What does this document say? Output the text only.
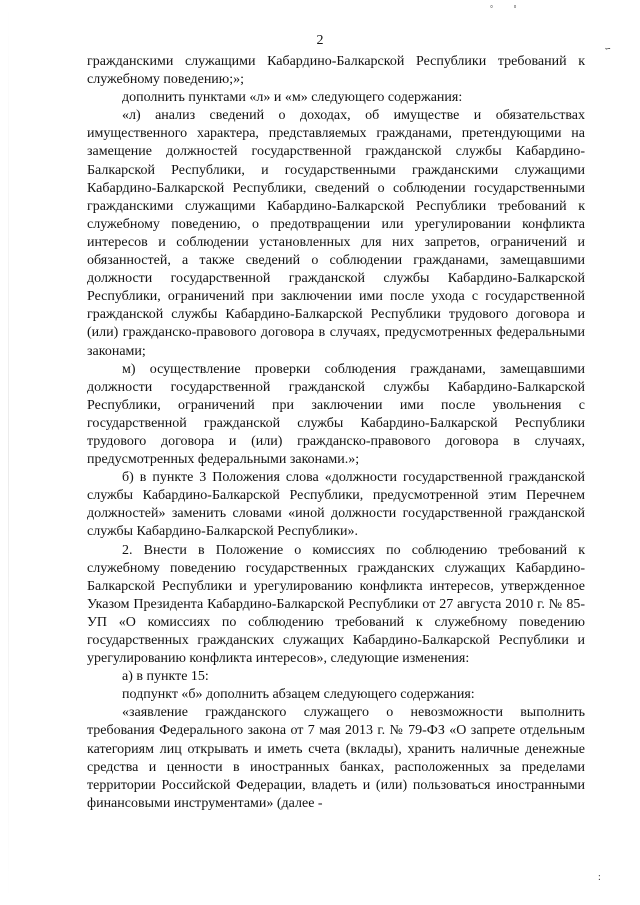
ﾟ ﾟ
ｰ
:
2

гражданскими служащими Кабардино-Балкарской Республики требований к служебному поведению;»;

дополнить пунктами «л» и «м» следующего содержания:

«л) анализ сведений о доходах, об имуществе и обязательствах имущественного характера, представляемых гражданами, претендующими на замещение должностей государственной гражданской службы Кабардино-Балкарской Республики, и государственными гражданскими служащими Кабардино-Балкарской Республики, сведений о соблюдении государственными гражданскими служащими Кабардино-Балкарской Республики требований к служебному поведению, о предотвращении или урегулировании конфликта интересов и соблюдении установленных для них запретов, ограничений и обязанностей, а также сведений о соблюдении гражданами, замещавшими должности государственной гражданской службы Кабардино-Балкарской Республики, ограничений при заключении ими после ухода с государственной гражданской службы Кабардино-Балкарской Республики трудового договора и (или) гражданско-правового договора в случаях, предусмотренных федеральными законами;

м) осуществление проверки соблюдения гражданами, замещавшими должности государственной гражданской службы Кабардино-Балкарской Республики, ограничений при заключении ими после увольнения с государственной гражданской службы Кабардино-Балкарской Республики трудового договора и (или) гражданско-правового договора в случаях, предусмотренных федеральными законами.»;

б) в пункте 3 Положения слова «должности государственной гражданской службы Кабардино-Балкарской Республики, предусмотренной этим Перечнем должностей» заменить словами «иной должности государственной гражданской службы Кабардино-Балкарской Республики».

2. Внести в Положение о комиссиях по соблюдению требований к служебному поведению государственных гражданских служащих Кабардино-Балкарской Республики и урегулированию конфликта интересов, утвержденное Указом Президента Кабардино-Балкарской Республики от 27 августа 2010 г. № 85-УП «О комиссиях по соблюдению требований к служебному поведению государственных гражданских служащих Кабардино-Балкарской Республики и урегулированию конфликта интересов», следующие изменения:

а) в пункте 15:

подпункт «б» дополнить абзацем следующего содержания:

«заявление гражданского служащего о невозможности выполнить требования Федерального закона от 7 мая 2013 г. № 79-ФЗ «О запрете отдельным категориям лиц открывать и иметь счета (вклады), хранить наличные денежные средства и ценности в иностранных банках, расположенных за пределами территории Российской Федерации, владеть и (или) пользоваться иностранными финансовыми инструментами» (далее -
